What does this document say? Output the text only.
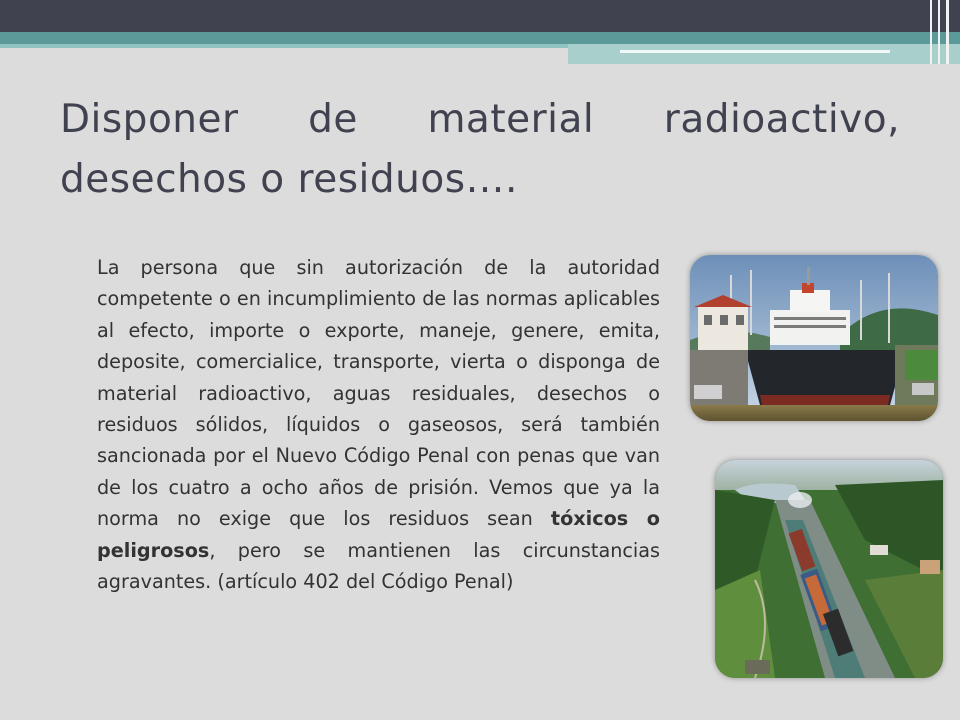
Disponer de material radioactivo, desechos o residuos….

La persona que sin autorización de la autoridad competente o en incumplimiento de las normas aplicables al efecto, importe o exporte, maneje, genere, emita, deposite, comercialice, transporte, vierta o disponga de material radioactivo, aguas residuales, desechos o residuos sólidos, líquidos o gaseosos, será también sancionada por el Nuevo Código Penal con penas que van de los cuatro a ocho años de prisión. Vemos que ya la norma no exige que los residuos sean tóxicos o peligrosos, pero se mantienen las circunstancias agravantes. (artículo 402 del Código Penal)
